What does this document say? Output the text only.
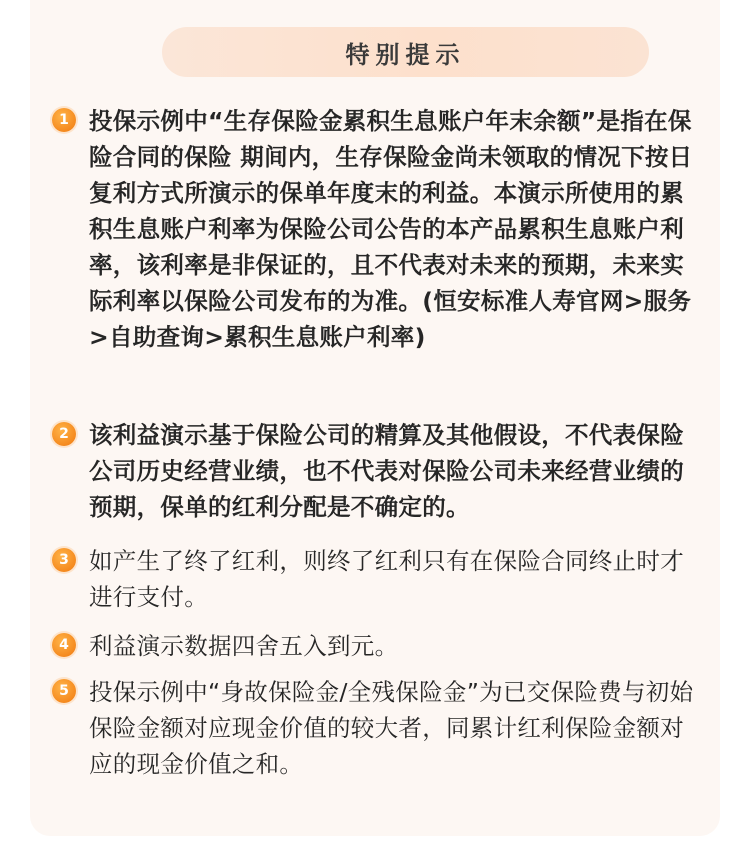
特别提示
1 投保示例中“生存保险金累积生息账户年末余额”是指在保险合同的保险 期间内，生存保险金尚未领取的情况下按日复利方式所演示的保单年度末的利益。本演示所使用的累积生息账户利率为保险公司公告的本产品累积生息账户利率，该利率是非保证的，且不代表对未来的预期，未来实际利率以保险公司发布的为准。(恒安标准人寿官网>服务>自助查询>累积生息账户利率)
2 该利益演示基于保险公司的精算及其他假设，不代表保险公司历史经营业绩，也不代表对保险公司未来经营业绩的预期，保单的红利分配是不确定的。
3 如产生了终了红利，则终了红利只有在保险合同终止时才进行支付。
4 利益演示数据四舍五入到元。
5 投保示例中“身故保险金/全残保险金”为已交保险费与初始保险金额对应现金价值的较大者，同累计红利保险金额对应的现金价值之和。
